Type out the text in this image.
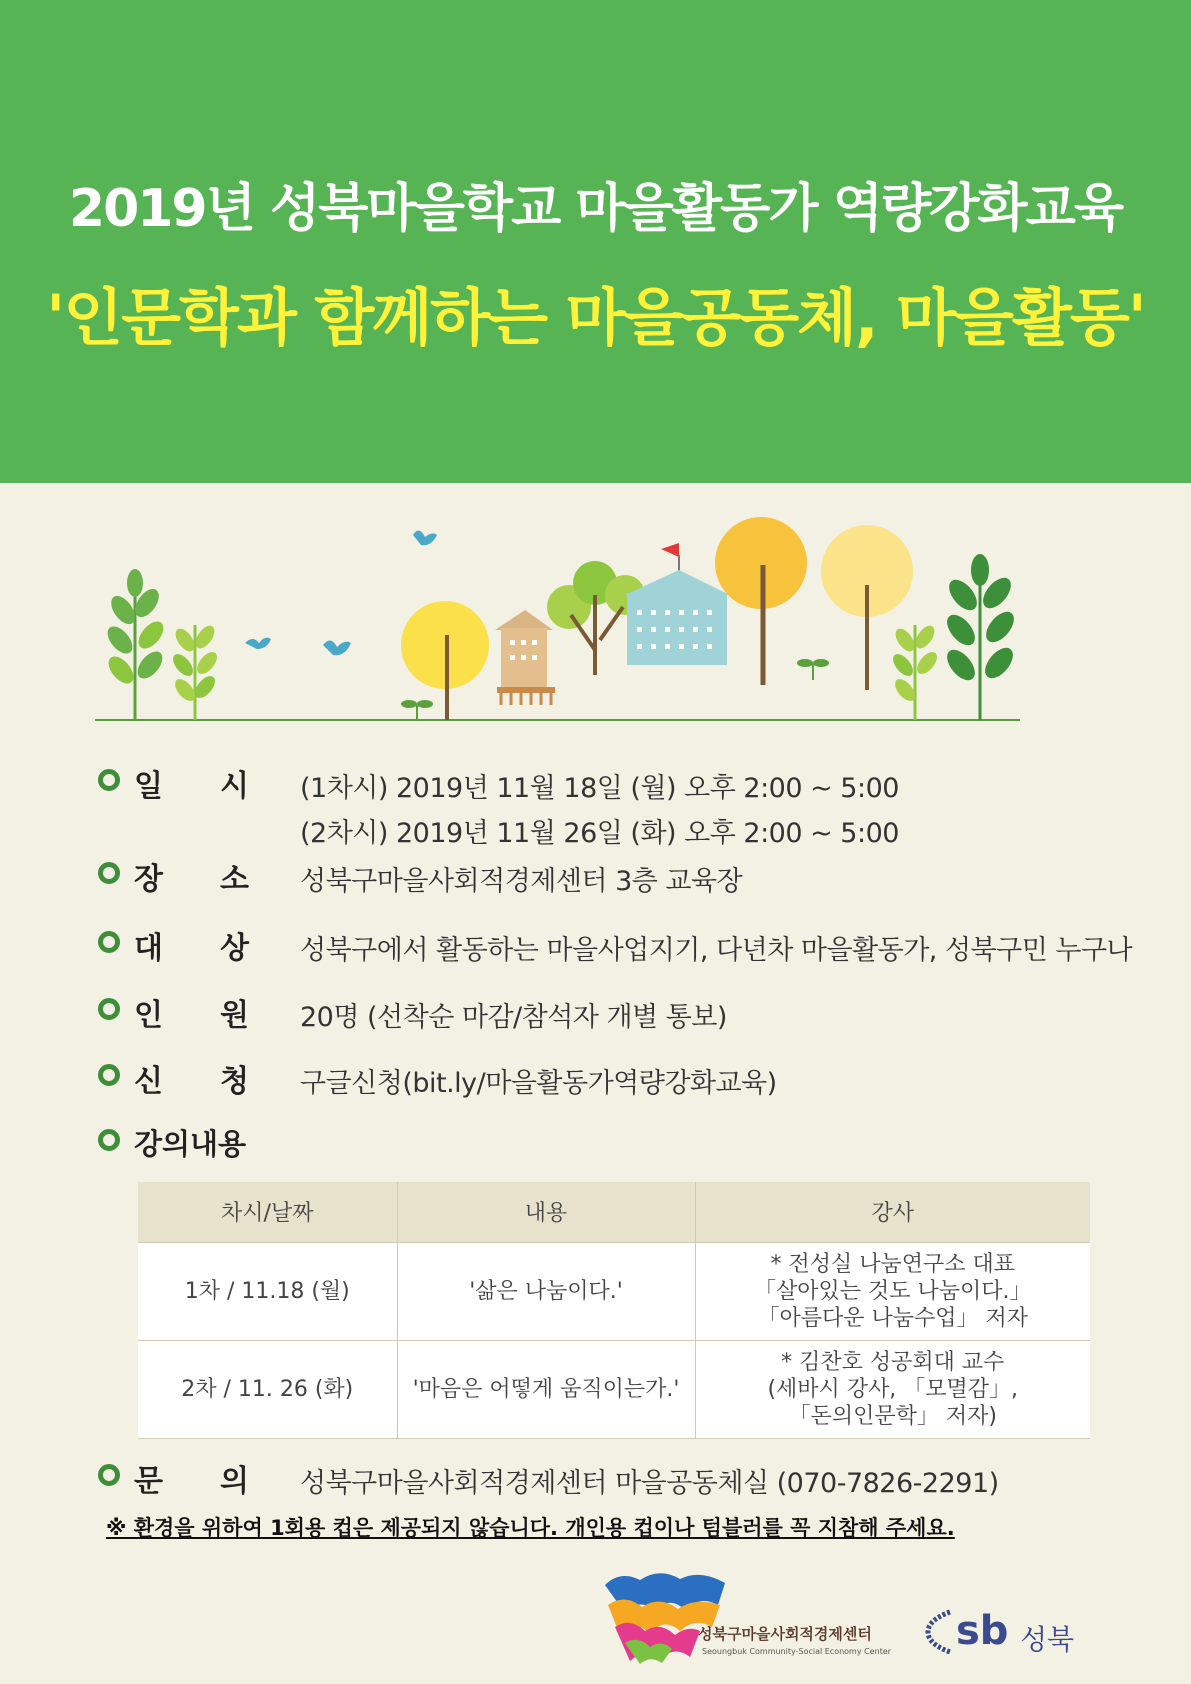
2019년 성북마을학교 마을활동가 역량강화교육
'인문학과 함께하는 마을공동체, 마을활동'
일 시 (1차시) 2019년 11월 18일 (월) 오후 2:00 ~ 5:00
(2차시) 2019년 11월 26일 (화) 오후 2:00 ~ 5:00
장 소 성북구마을사회적경제센터 3층 교육장
대 상 성북구에서 활동하는 마을사업지기, 다년차 마을활동가, 성북구민 누구나
인 원 20명 (선착순 마감/참석자 개별 통보)
신 청 구글신청(bit.ly/마을활동가역량강화교육)
강의내용
차시/날짜	내용	강사
1차 / 11.18 (월)	'삶은 나눔이다.'	* 전성실 나눔연구소 대표
「살아있는 것도 나눔이다.」
「아름다운 나눔수업」 저자

2차 / 11. 26 (화)	'마음은 어떻게 움직이는가.'	* 김찬호 성공회대 교수
(세바시 강사, 「모멸감」,
「돈의인문학」 저자)
문 의 성북구마을사회적경제센터 마을공동체실 (070-7826-2291)
※ 환경을 위하여 1회용 컵은 제공되지 않습니다. 개인용 컵이나 텀블러를 꼭 지참해 주세요.
성북구마을사회적경제센터
Seoungbuk Community-Social Economy Center sb 성북
